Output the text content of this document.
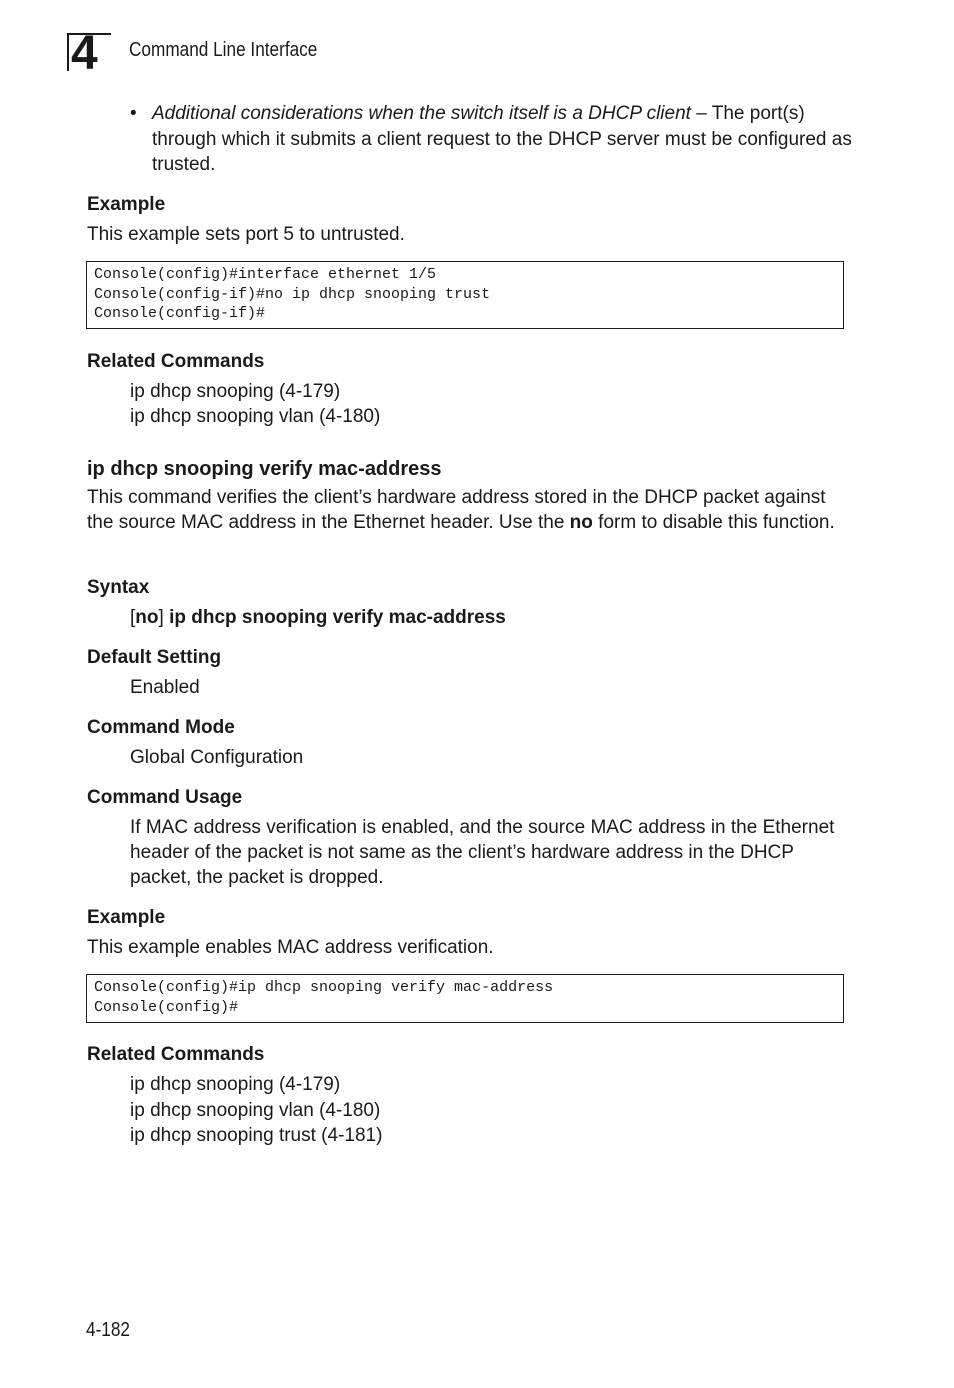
4 Command Line Interface
• Additional considerations when the switch itself is a DHCP client – The port(s) through which it submits a client request to the DHCP server must be configured as trusted.
Example
This example sets port 5 to untrusted.
Console(config)#interface ethernet 1/5
Console(config-if)#no ip dhcp snooping trust
Console(config-if)#
Related Commands
ip dhcp snooping (4-179)
ip dhcp snooping vlan (4-180)
ip dhcp snooping verify mac-address
This command verifies the client’s hardware address stored in the DHCP packet against the source MAC address in the Ethernet header. Use the no form to disable this function.
Syntax
[no] ip dhcp snooping verify mac-address
Default Setting
Enabled
Command Mode
Global Configuration
Command Usage
If MAC address verification is enabled, and the source MAC address in the Ethernet header of the packet is not same as the client’s hardware address in the DHCP packet, the packet is dropped.
Example
This example enables MAC address verification.
Console(config)#ip dhcp snooping verify mac-address
Console(config)#
Related Commands
ip dhcp snooping (4-179)
ip dhcp snooping vlan (4-180)
ip dhcp snooping trust (4-181)
4-182
